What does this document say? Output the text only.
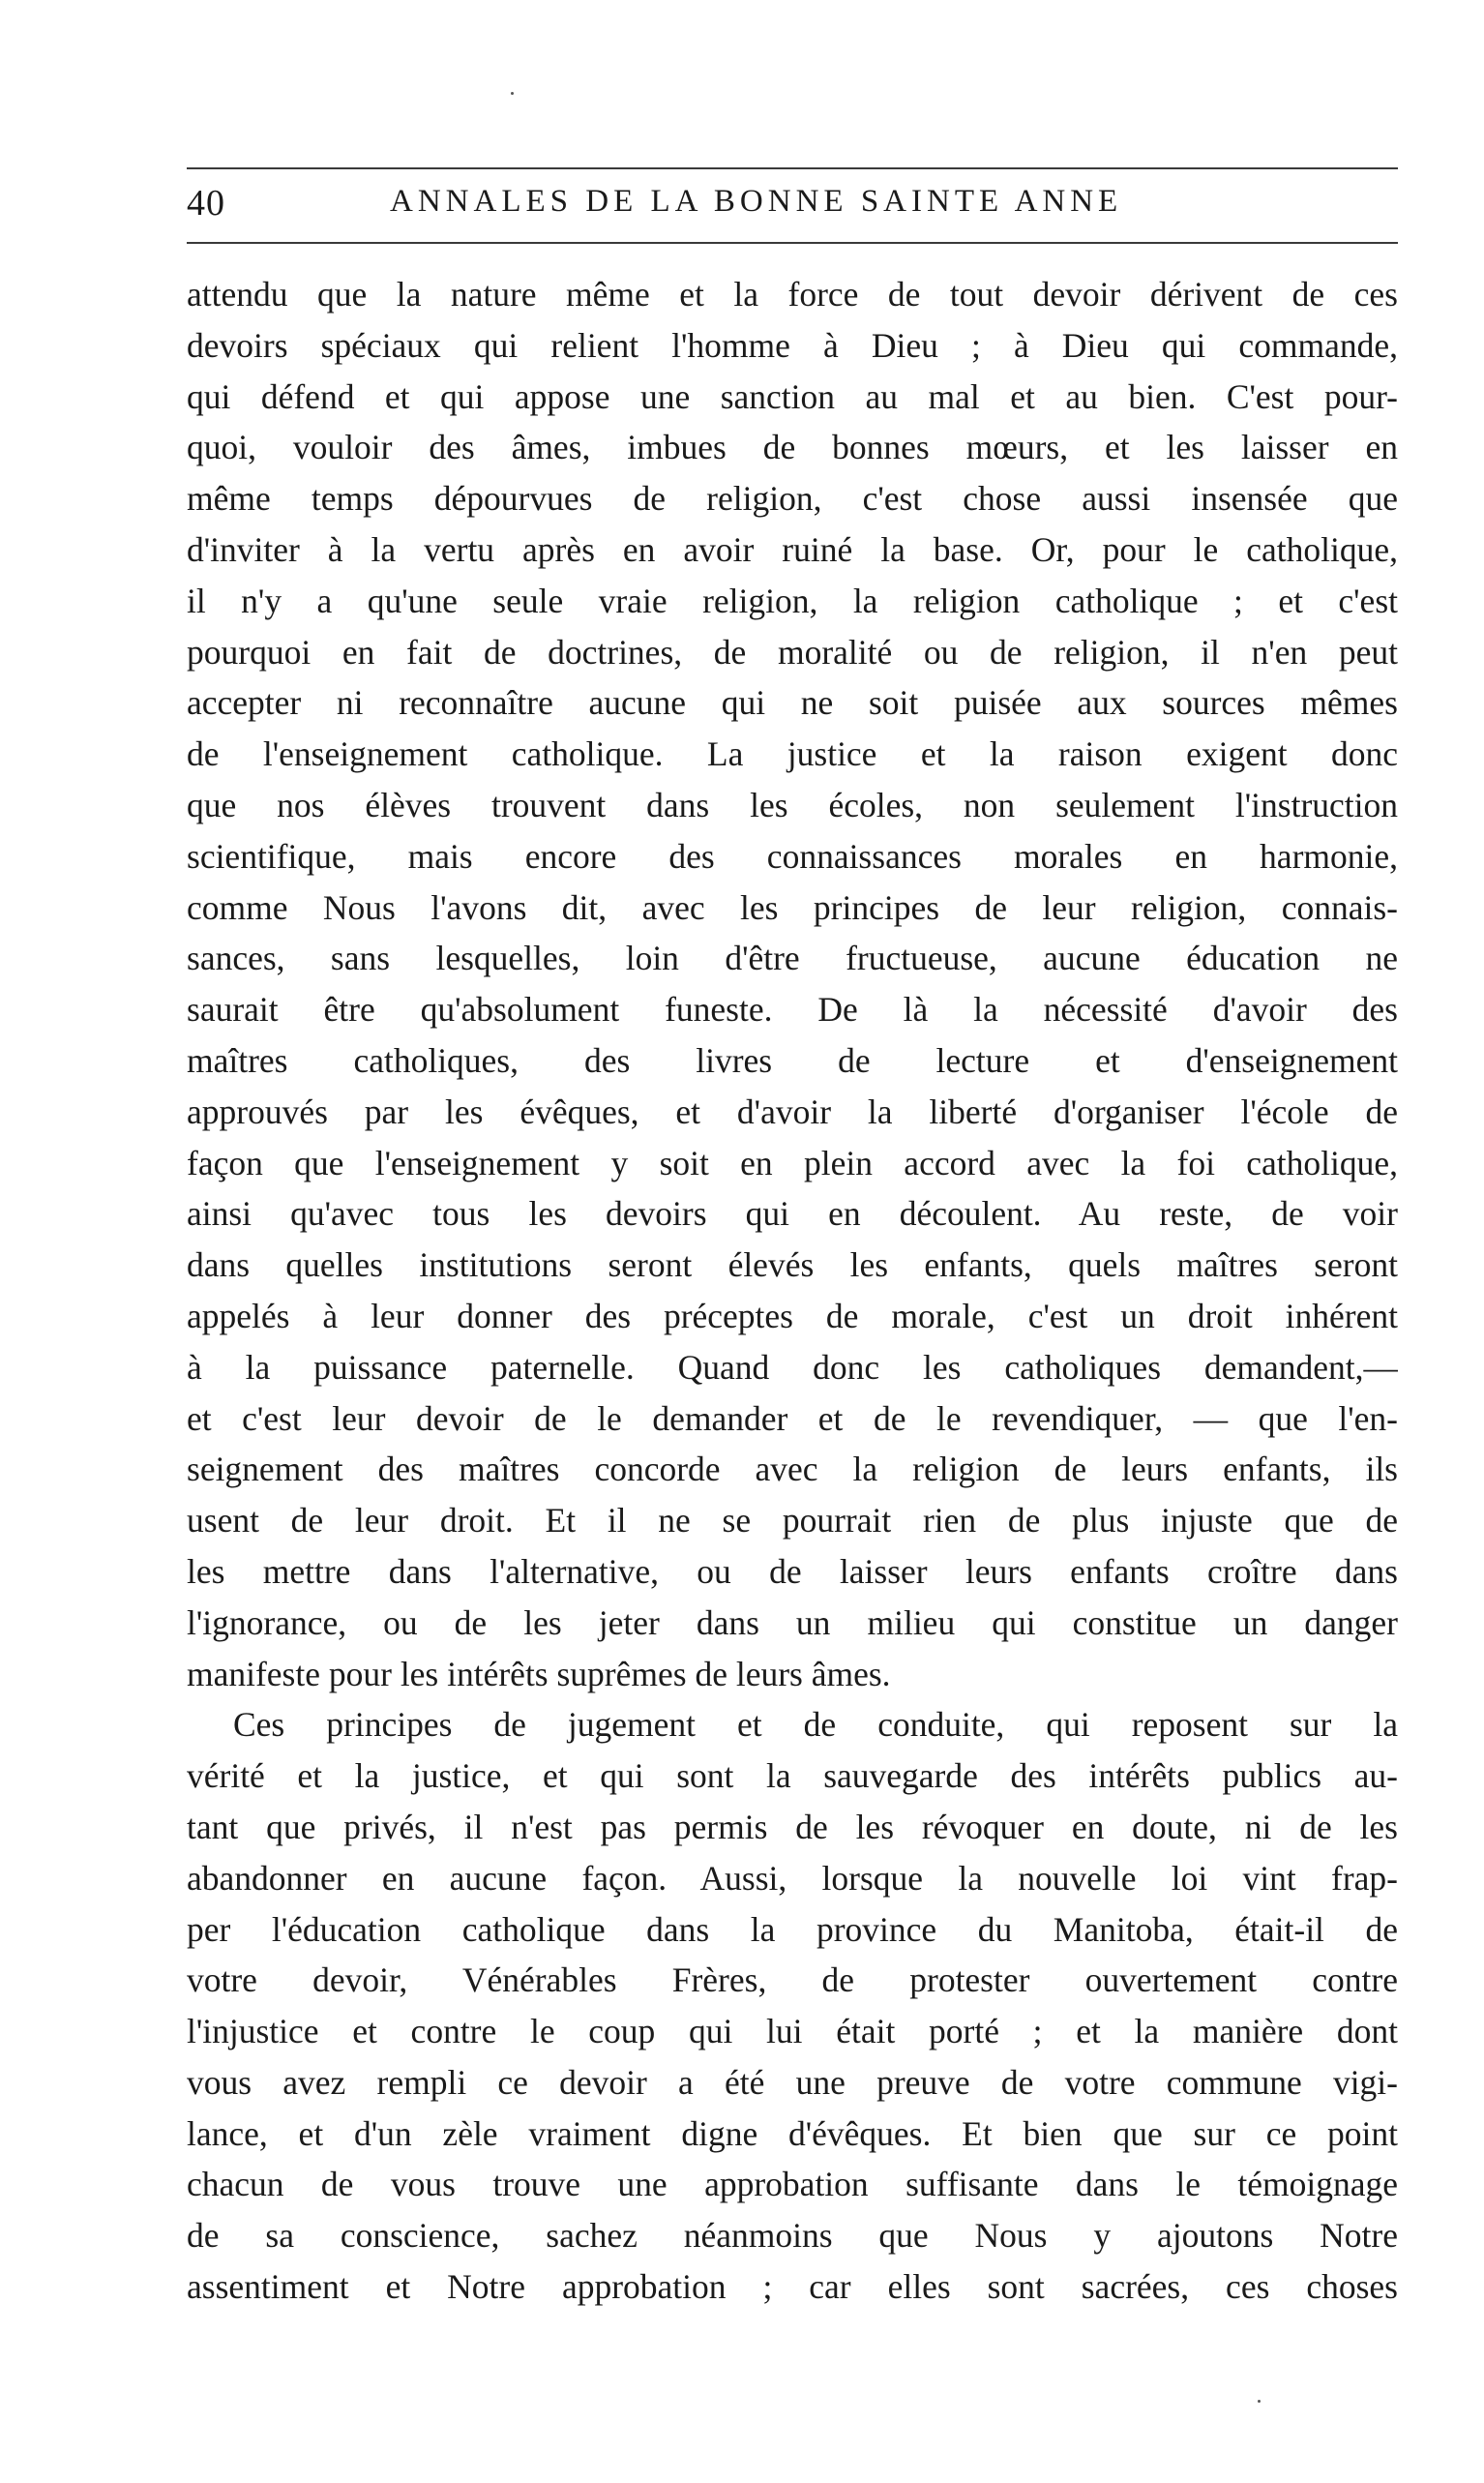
40	ANNALES DE LA BONNE SAINTE ANNE
attendu que la nature même et la force de tout devoir dérivent de ces
devoirs spéciaux qui relient l'homme à Dieu ; à Dieu qui commande,
qui défend et qui appose une sanction au mal et au bien. C'est pour-
quoi, vouloir des âmes, imbues de bonnes mœurs, et les laisser en
même temps dépourvues de religion, c'est chose aussi insensée que
d'inviter à la vertu après en avoir ruiné la base. Or, pour le catholique,
il n'y a qu'une seule vraie religion, la religion catholique ; et c'est
pourquoi en fait de doctrines, de moralité ou de religion, il n'en peut
accepter ni reconnaître aucune qui ne soit puisée aux sources mêmes
de l'enseignement catholique. La justice et la raison exigent donc
que nos élèves trouvent dans les écoles, non seulement l'instruction
scientifique, mais encore des connaissances morales en harmonie,
comme Nous l'avons dit, avec les principes de leur religion, connais-
sances, sans lesquelles, loin d'être fructueuse, aucune éducation ne
saurait être qu'absolument funeste. De là la nécessité d'avoir des
maîtres catholiques, des livres de lecture et d'enseignement
approuvés par les évêques, et d'avoir la liberté d'organiser l'école de
façon que l'enseignement y soit en plein accord avec la foi catholique,
ainsi qu'avec tous les devoirs qui en découlent. Au reste, de voir
dans quelles institutions seront élevés les enfants, quels maîtres seront
appelés à leur donner des préceptes de morale, c'est un droit inhérent
à la puissance paternelle. Quand donc les catholiques demandent,—
et c'est leur devoir de le demander et de le revendiquer, — que l'en-
seignement des maîtres concorde avec la religion de leurs enfants, ils
usent de leur droit. Et il ne se pourrait rien de plus injuste que de
les mettre dans l'alternative, ou de laisser leurs enfants croître dans
l'ignorance, ou de les jeter dans un milieu qui constitue un danger
manifeste pour les intérêts suprêmes de leurs âmes.
Ces principes de jugement et de conduite, qui reposent sur la
vérité et la justice, et qui sont la sauvegarde des intérêts publics au-
tant que privés, il n'est pas permis de les révoquer en doute, ni de les
abandonner en aucune façon. Aussi, lorsque la nouvelle loi vint frap-
per l'éducation catholique dans la province du Manitoba, était-il de
votre devoir, Vénérables Frères, de protester ouvertement contre
l'injustice et contre le coup qui lui était porté ; et la manière dont
vous avez rempli ce devoir a été une preuve de votre commune vigi-
lance, et d'un zèle vraiment digne d'évêques. Et bien que sur ce point
chacun de vous trouve une approbation suffisante dans le témoignage
de sa conscience, sachez néanmoins que Nous y ajoutons Notre
assentiment et Notre approbation ; car elles sont sacrées, ces choses
